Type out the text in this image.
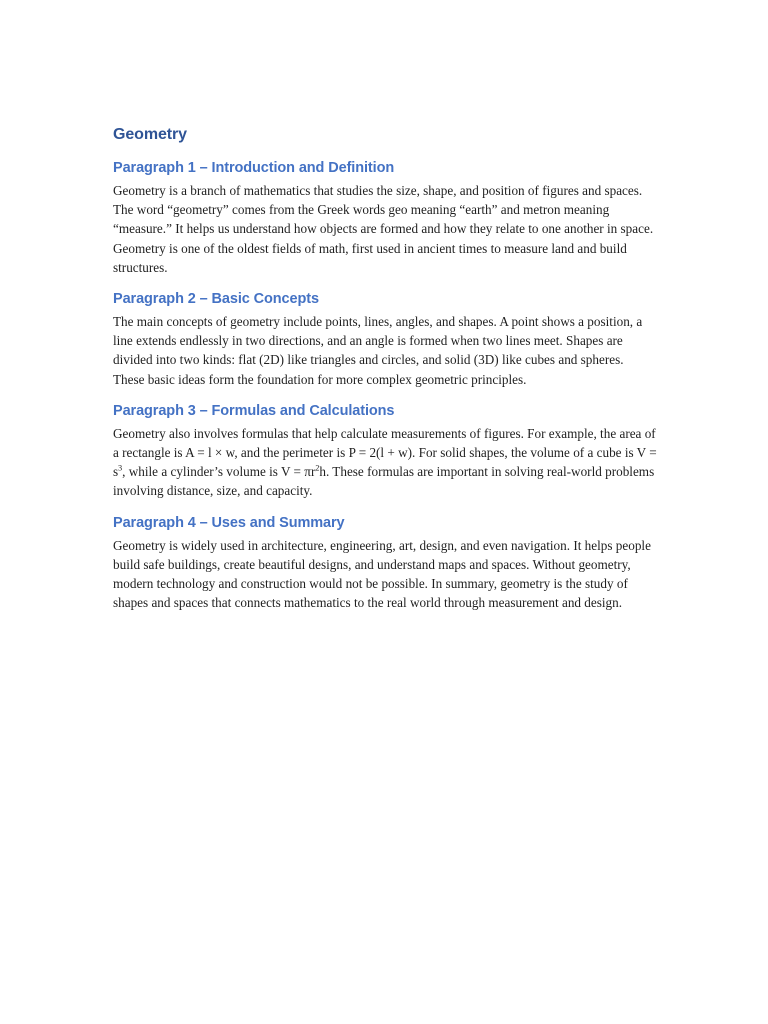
Geometry
Paragraph 1 – Introduction and Definition

Geometry is a branch of mathematics that studies the size, shape, and position of figures and spaces. The word “geometry” comes from the Greek words geo meaning “earth” and metron meaning “measure.” It helps us understand how objects are formed and how they relate to one another in space. Geometry is one of the oldest fields of math, first used in ancient times to measure land and build structures.

Paragraph 2 – Basic Concepts

The main concepts of geometry include points, lines, angles, and shapes. A point shows a position, a line extends endlessly in two directions, and an angle is formed when two lines meet. Shapes are divided into two kinds: flat (2D) like triangles and circles, and solid (3D) like cubes and spheres. These basic ideas form the foundation for more complex geometric principles.

Paragraph 3 – Formulas and Calculations

Geometry also involves formulas that help calculate measurements of figures. For example, the area of a rectangle is A = l × w, and the perimeter is P = 2(l + w). For solid shapes, the volume of a cube is $V = s^3$, while a cylinder’s volume is $V = \pi r^2h$. These formulas are important in solving real-world problems involving distance, size, and capacity.

Paragraph 4 – Uses and Summary

Geometry is widely used in architecture, engineering, art, design, and even navigation. It helps people build safe buildings, create beautiful designs, and understand maps and spaces. Without geometry, modern technology and construction would not be possible. In summary, geometry is the study of shapes and spaces that connects mathematics to the real world through measurement and design.
